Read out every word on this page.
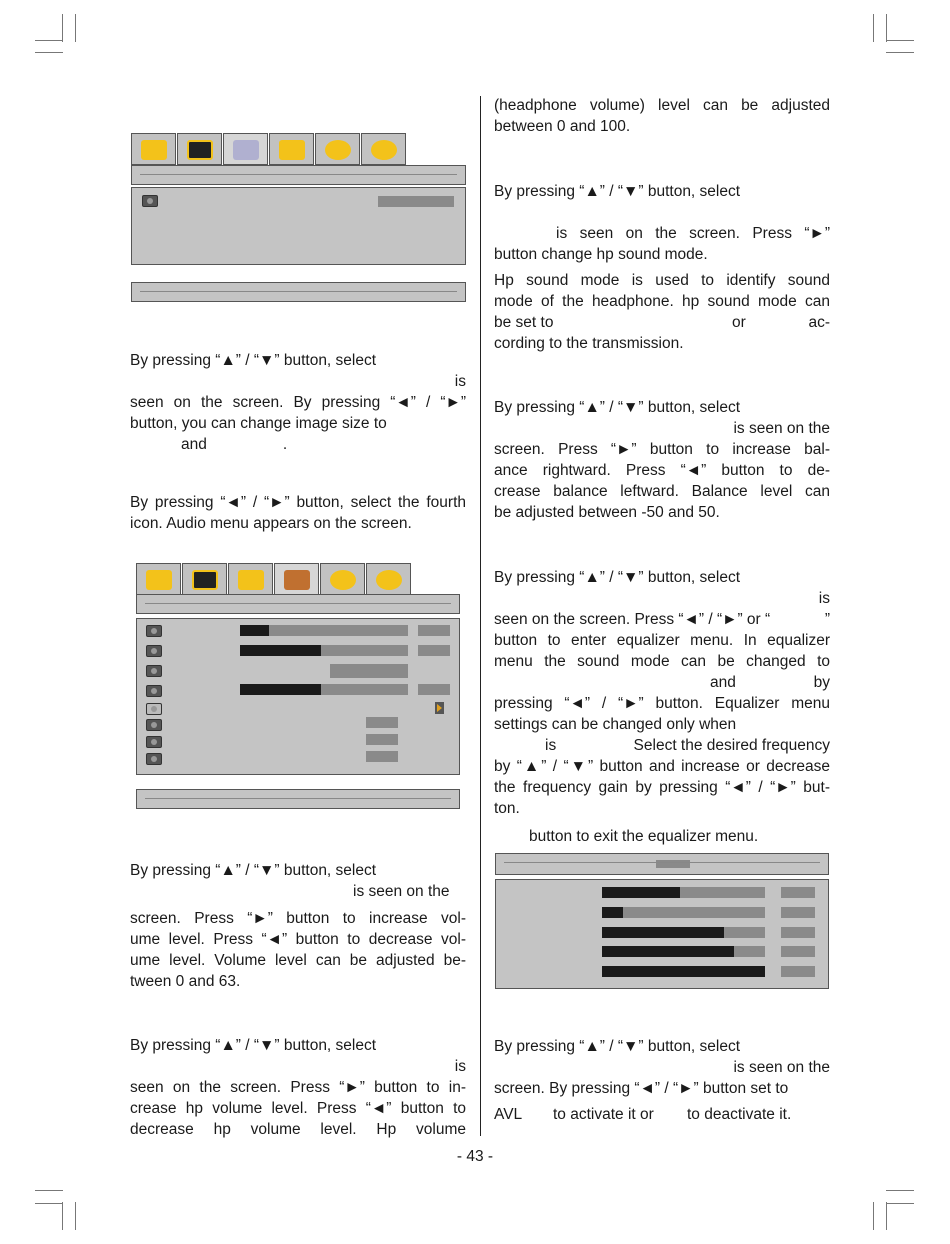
By pressing “▲” / “▼” button, select

is

seen on the screen. By pressing “◄” / “►”

button, you can change image size to

and	.

By pressing “◄” / “►” button, select the fourth icon. Audio menu appears on the screen.

By pressing “▲” / “▼” button, select

is seen on the

screen. Press “►” button to increase vol-

ume level. Press “◄” button to decrease vol-

ume level. Volume level can be adjusted be-

tween 0 and 63.

By pressing “▲” / “▼” button, select

is

seen on the screen. Press “►” button to in-

crease hp volume level. Press “◄” button to

decrease hp volume level. Hp volume

(headphone volume) level can be adjusted between 0 and 100.

By pressing “▲” / “▼” button, select

is seen on the screen. Press “►”

button change hp sound mode.

Hp sound mode is used to identify sound

mode of the headphone. hp sound mode can

be set to	or	ac-

cording to the transmission.

By pressing “▲” / “▼” button, select

is seen on the

screen. Press “►” button to increase bal-

ance rightward. Press “◄” button to de-

crease balance leftward. Balance level can

be adjusted between -50 and 50.

By pressing “▲” / “▼” button, select

is

seen on the screen. Press “◄” / “►” or “	”

button to enter equalizer menu. In equalizer

menu the sound mode can be changed to

and	by

pressing “◄” / “►” button. Equalizer menu

settings can be changed only when

is	Select the desired frequency

by “▲” / “▼” button and increase or decrease

the frequency gain by pressing “◄” / “►” but-

ton.

button to exit the equalizer menu.

By pressing “▲” / “▼” button, select

is seen on the

screen. By pressing “◄” / “►” button set to

AVL to activate it or to deactivate it.

- 43 -
